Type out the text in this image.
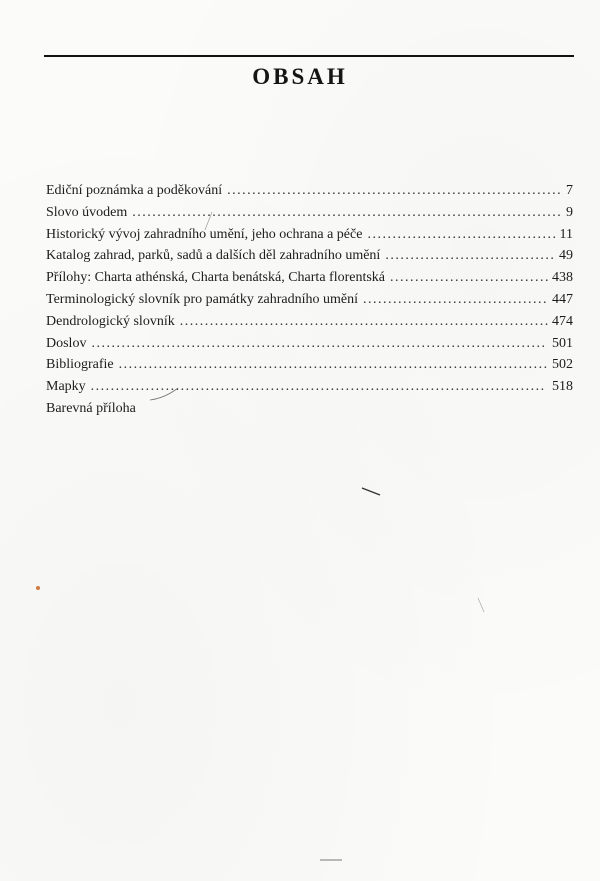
OBSAH
Ediční poznámka a poděkování . . .	7
Slovo úvodem . . .	9
Historický vývoj zahradního umění, jeho ochrana a péče . . .	11
Katalog zahrad, parků, sadů a dalších děl zahradního umění . . .	49
Přílohy: Charta athénská, Charta benátská, Charta florentská . . .	438
Terminologický slovník pro památky zahradního umění . . .	447
Dendrologický slovník . . .	474
Doslov . . .	501
Bibliografie . . .	502
Mapky . . .	518
Barevná příloha
